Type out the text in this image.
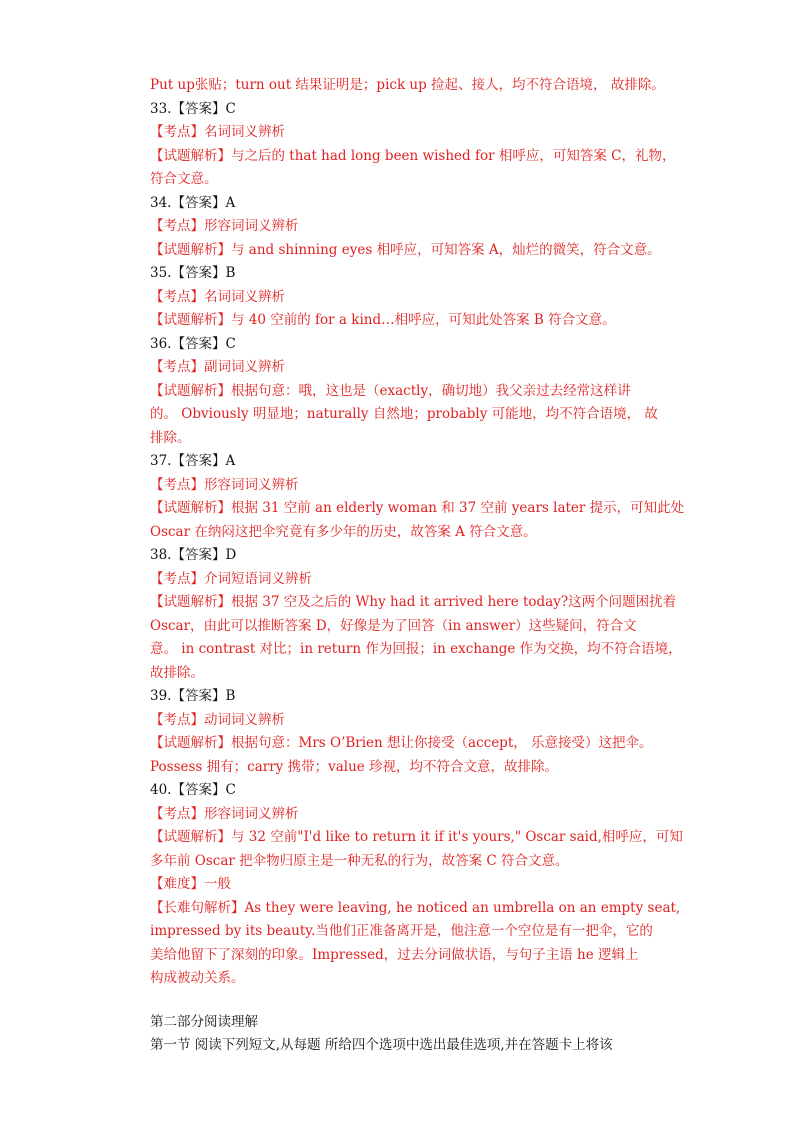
Put up张贴；turn out 结果证明是；pick up 捡起、接人，均不符合语境， 故排除。
33.【答案】C
【考点】名词词义辨析
【试题解析】与之后的 that had long been wished for 相呼应，可知答案 C，礼物，
符合文意。
34.【答案】A
【考点】形容词词义辨析
【试题解析】与 and shinning eyes 相呼应，可知答案 A，灿烂的微笑，符合文意。
35.【答案】B
【考点】名词词义辨析
【试题解析】与 40 空前的 for a kind…相呼应，可知此处答案 B 符合文意。
36.【答案】C
【考点】副词词义辨析
【试题解析】根据句意：哦，这也是（exactly，确切地）我父亲过去经常这样讲
的。 Obviously 明显地；naturally 自然地；probably 可能地，均不符合语境， 故
排除。
37.【答案】A
【考点】形容词词义辨析
【试题解析】根据 31 空前 an elderly woman 和 37 空前 years later 提示，可知此处
Oscar 在纳闷这把伞究竟有多少年的历史，故答案 A 符合文意。
38.【答案】D
【考点】介词短语词义辨析
【试题解析】根据 37 空及之后的 Why had it arrived here today?这两个问题困扰着
Oscar，由此可以推断答案 D，好像是为了回答（in answer）这些疑问，符合文
意。 in contrast 对比；in return 作为回报；in exchange 作为交换，均不符合语境，
故排除。
39.【答案】B
【考点】动词词义辨析
【试题解析】根据句意：Mrs O’Brien 想让你接受（accept， 乐意接受）这把伞。
Possess 拥有；carry 携带；value 珍视，均不符合文意，故排除。
40.【答案】C
【考点】形容词词义辨析
【试题解析】与 32 空前"I'd like to return it if it's yours," Oscar said,相呼应，可知
多年前 Oscar 把伞物归原主是一种无私的行为，故答案 C 符合文意。
【难度】一般
【长难句解析】As they were leaving, he noticed an umbrella on an empty seat,
impressed by its beauty.当他们正准备离开是，他注意一个空位是有一把伞，它的
美给他留下了深刻的印象。Impressed，过去分词做状语，与句子主语 he 逻辑上
构成被动关系。
第二部分阅读理解
第一节 阅读下列短文,从每题 所给四个选项中选出最佳选项,并在答题卡上将该
